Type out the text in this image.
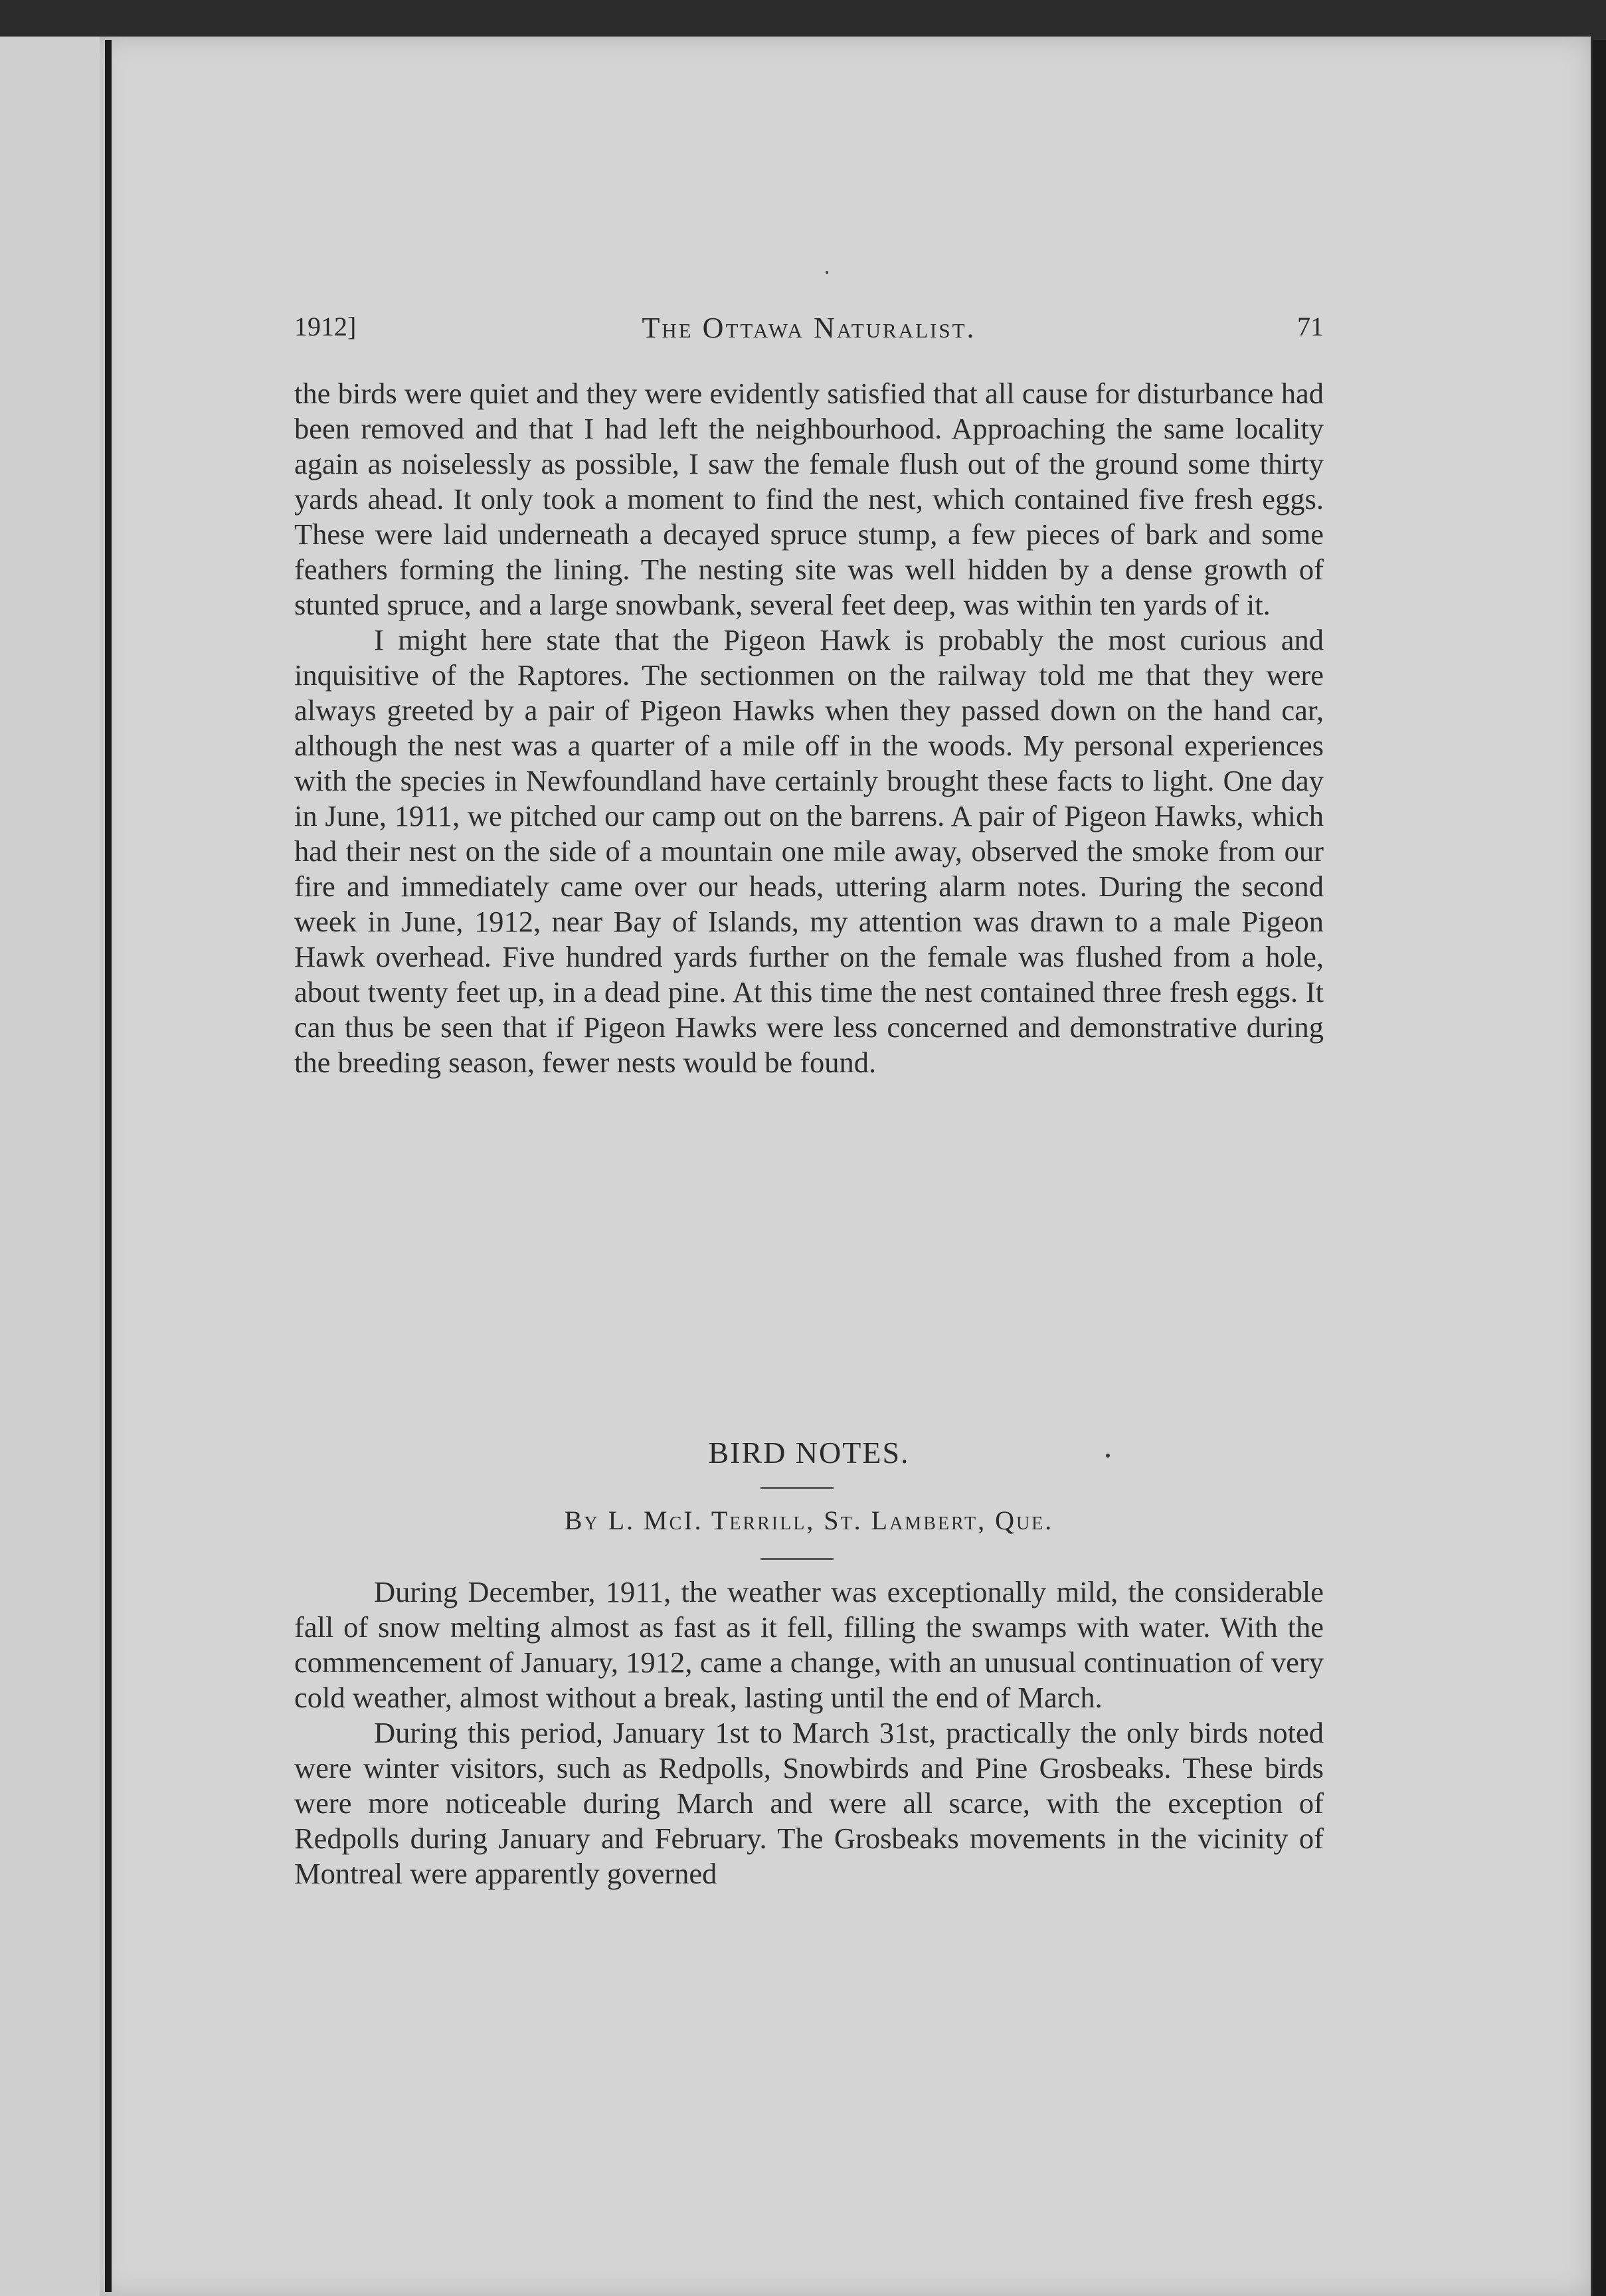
1912]	The Ottawa Naturalist.	71

the birds were quiet and they were evidently satisfied that all cause for disturbance had been removed and that I had left the neighbourhood. Approaching the same locality again as noiselessly as possible, I saw the female flush out of the ground some thirty yards ahead. It only took a moment to find the nest, which contained five fresh eggs. These were laid underneath a decayed spruce stump, a few pieces of bark and some feathers forming the lining. The nesting site was well hidden by a dense growth of stunted spruce, and a large snowbank, several feet deep, was within ten yards of it.

I might here state that the Pigeon Hawk is probably the most curious and inquisitive of the Raptores. The sectionmen on the railway told me that they were always greeted by a pair of Pigeon Hawks when they passed down on the hand car, although the nest was a quarter of a mile off in the woods. My personal experiences with the species in Newfoundland have certainly brought these facts to light. One day in June, 1911, we pitched our camp out on the barrens. A pair of Pigeon Hawks, which had their nest on the side of a mountain one mile away, observed the smoke from our fire and immediately came over our heads, uttering alarm notes. During the second week in June, 1912, near Bay of Islands, my attention was drawn to a male Pigeon Hawk overhead. Five hundred yards further on the female was flushed from a hole, about twenty feet up, in a dead pine. At this time the nest contained three fresh eggs. It can thus be seen that if Pigeon Hawks were less concerned and demonstrative during the breeding season, fewer nests would be found.

BIRD NOTES.
By L. McI. Terrill, St. Lambert, Que.

During December, 1911, the weather was exceptionally mild, the considerable fall of snow melting almost as fast as it fell, filling the swamps with water. With the commencement of January, 1912, came a change, with an unusual continuation of very cold weather, almost without a break, lasting until the end of March.

During this period, January 1st to March 31st, practically the only birds noted were winter visitors, such as Redpolls, Snowbirds and Pine Grosbeaks. These birds were more noticeable during March and were all scarce, with the exception of Redpolls during January and February. The Grosbeaks movements in the vicinity of Montreal were apparently governed
